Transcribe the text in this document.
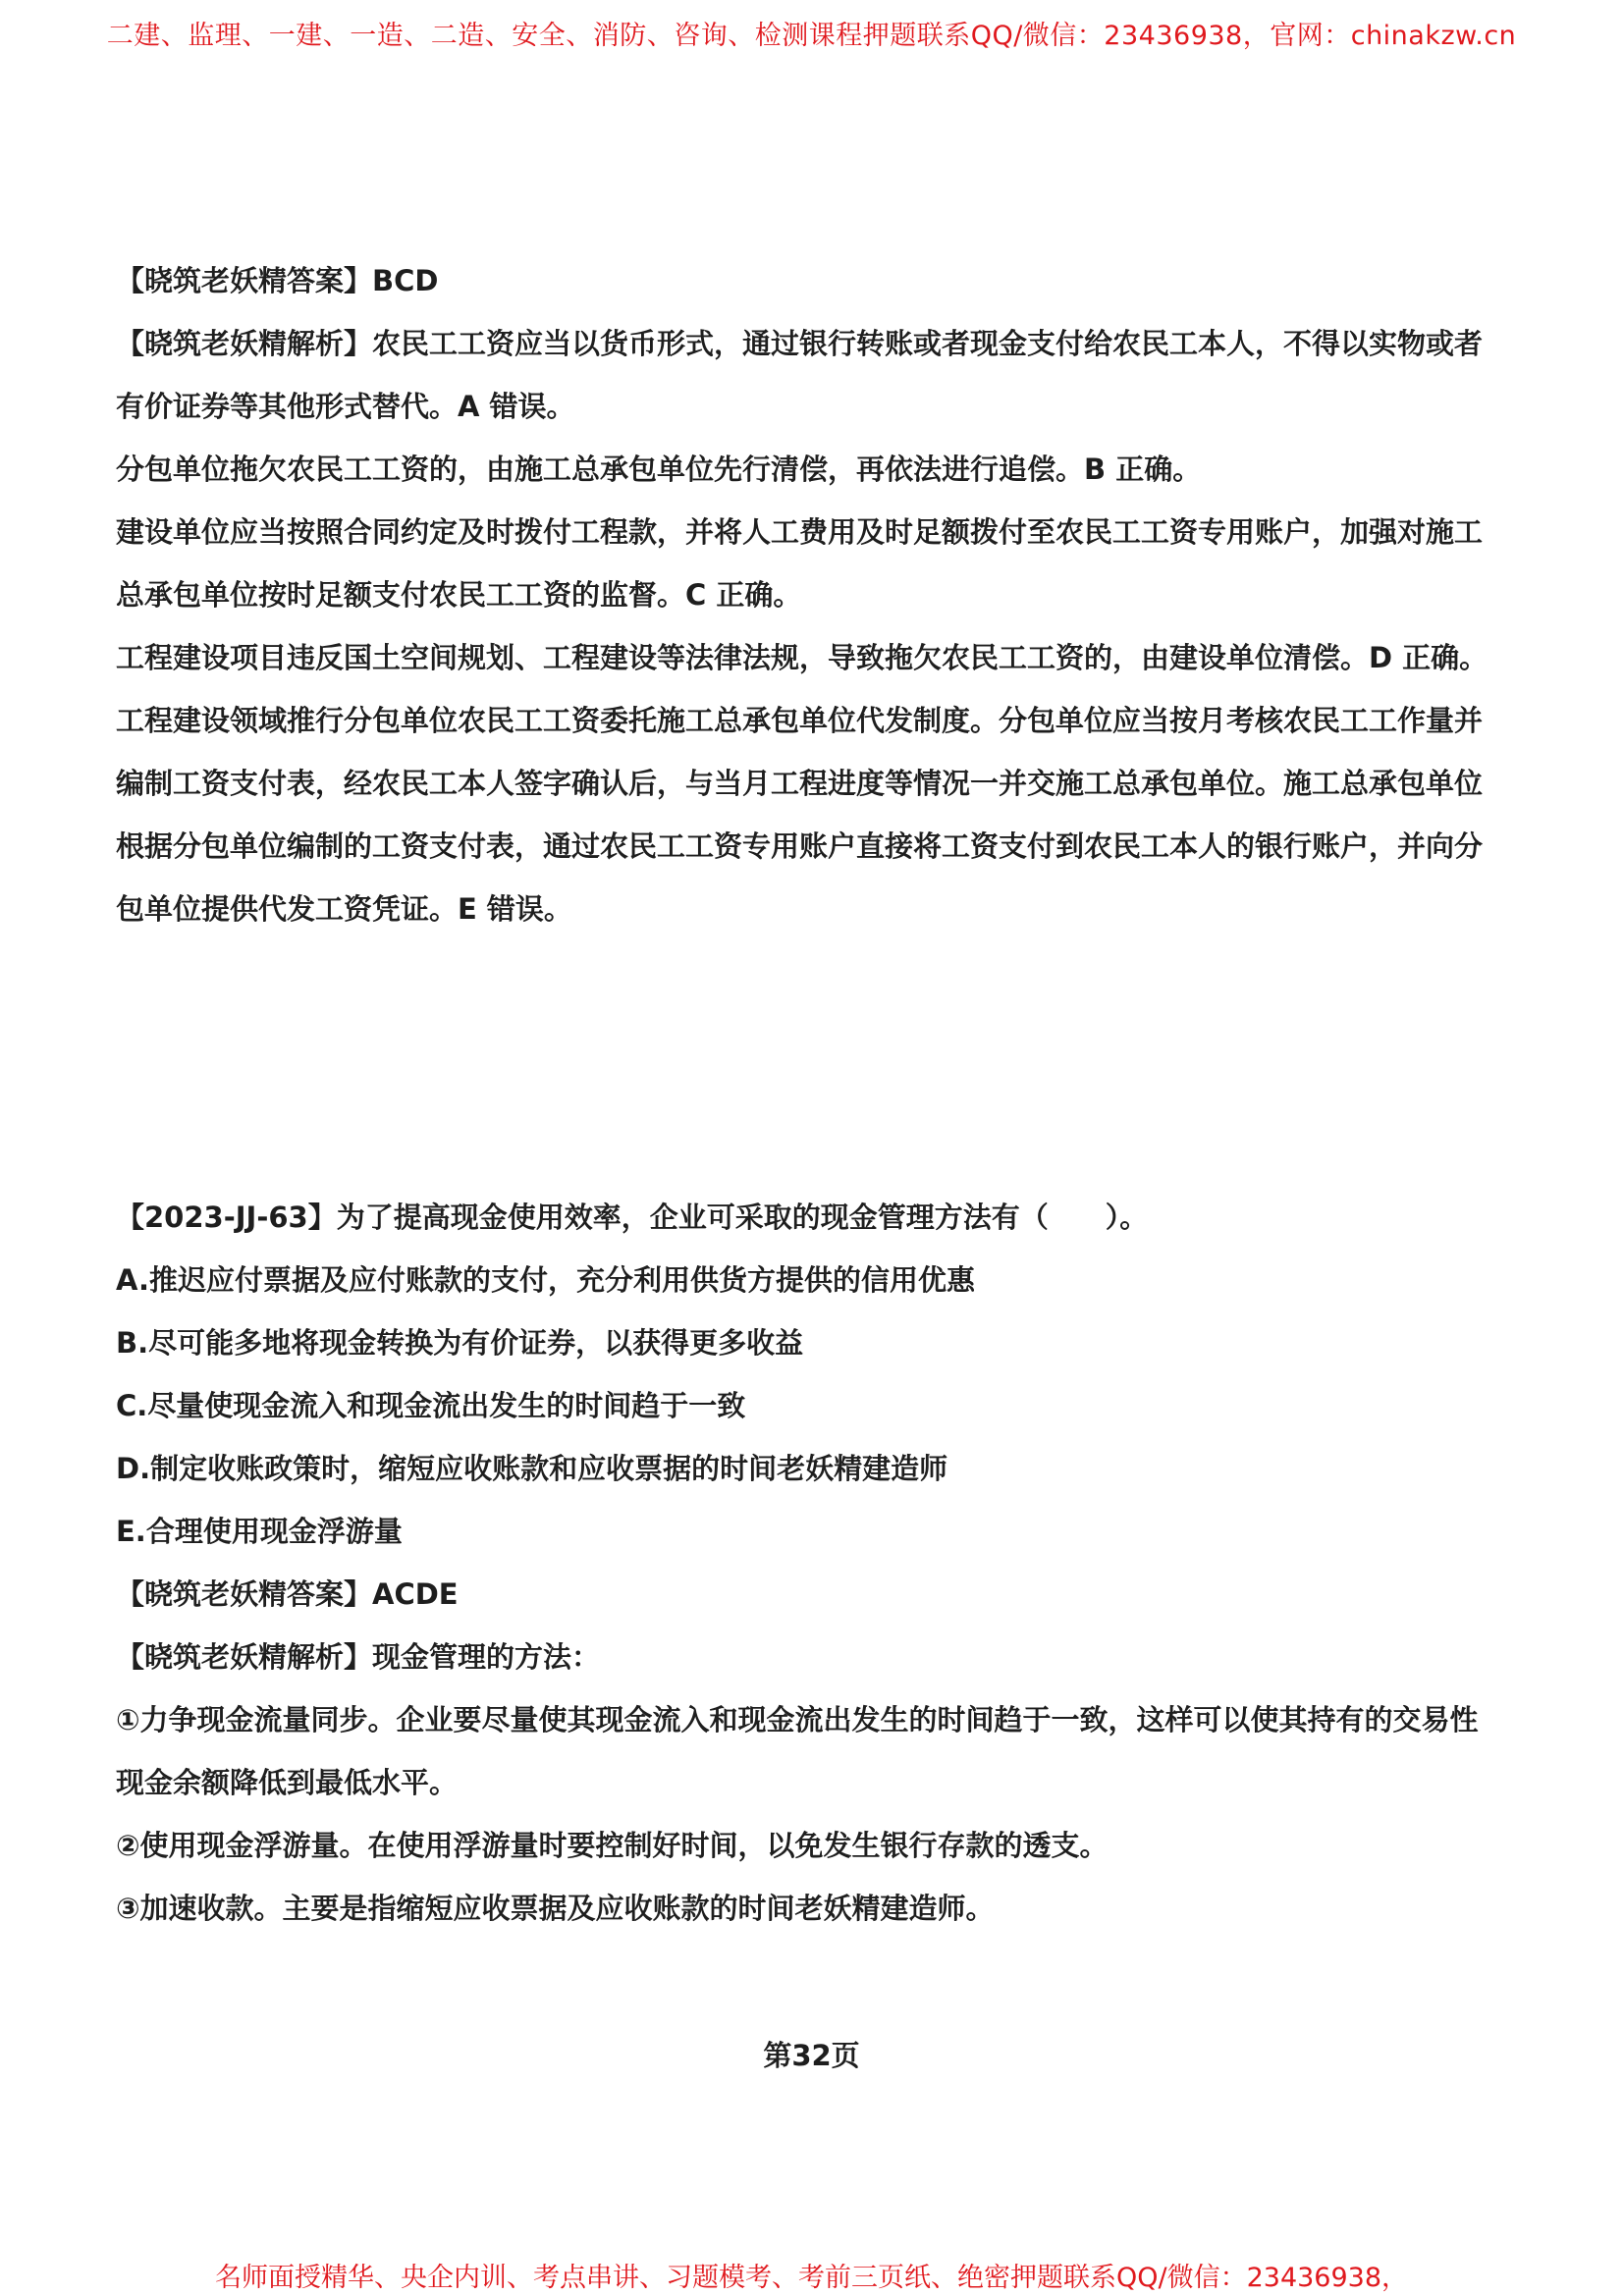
二建、监理、一建、一造、二造、安全、消防、咨询、检测课程押题联系QQ/微信：23436938，官网：chinakzw.cn

【晓筑老妖精答案】BCD

【晓筑老妖精解析】农民工工资应当以货币形式，通过银行转账或者现金支付给农民工本人，不得以实物或者

有价证券等其他形式替代。A 错误。

分包单位拖欠农民工工资的，由施工总承包单位先行清偿，再依法进行追偿。B 正确。

建设单位应当按照合同约定及时拨付工程款，并将人工费用及时足额拨付至农民工工资专用账户，加强对施工

总承包单位按时足额支付农民工工资的监督。C 正确。

工程建设项目违反国土空间规划、工程建设等法律法规，导致拖欠农民工工资的，由建设单位清偿。D 正确。

工程建设领域推行分包单位农民工工资委托施工总承包单位代发制度。分包单位应当按月考核农民工工作量并

编制工资支付表，经农民工本人签字确认后，与当月工程进度等情况一并交施工总承包单位。施工总承包单位

根据分包单位编制的工资支付表，通过农民工工资专用账户直接将工资支付到农民工本人的银行账户，并向分

包单位提供代发工资凭证。E 错误。

【2023-JJ-63】为了提高现金使用效率，企业可采取的现金管理方法有（　　）。

A.推迟应付票据及应付账款的支付，充分利用供货方提供的信用优惠

B.尽可能多地将现金转换为有价证券，以获得更多收益

C.尽量使现金流入和现金流出发生的时间趋于一致

D.制定收账政策时，缩短应收账款和应收票据的时间老妖精建造师

E.合理使用现金浮游量

【晓筑老妖精答案】ACDE

【晓筑老妖精解析】现金管理的方法：

①力争现金流量同步。企业要尽量使其现金流入和现金流出发生的时间趋于一致，这样可以使其持有的交易性

现金余额降低到最低水平。

②使用现金浮游量。在使用浮游量时要控制好时间，以免发生银行存款的透支。

③加速收款。主要是指缩短应收票据及应收账款的时间老妖精建造师。

第32页
名师面授精华、央企内训、考点串讲、习题模考、考前三页纸、绝密押题联系QQ/微信：23436938，
